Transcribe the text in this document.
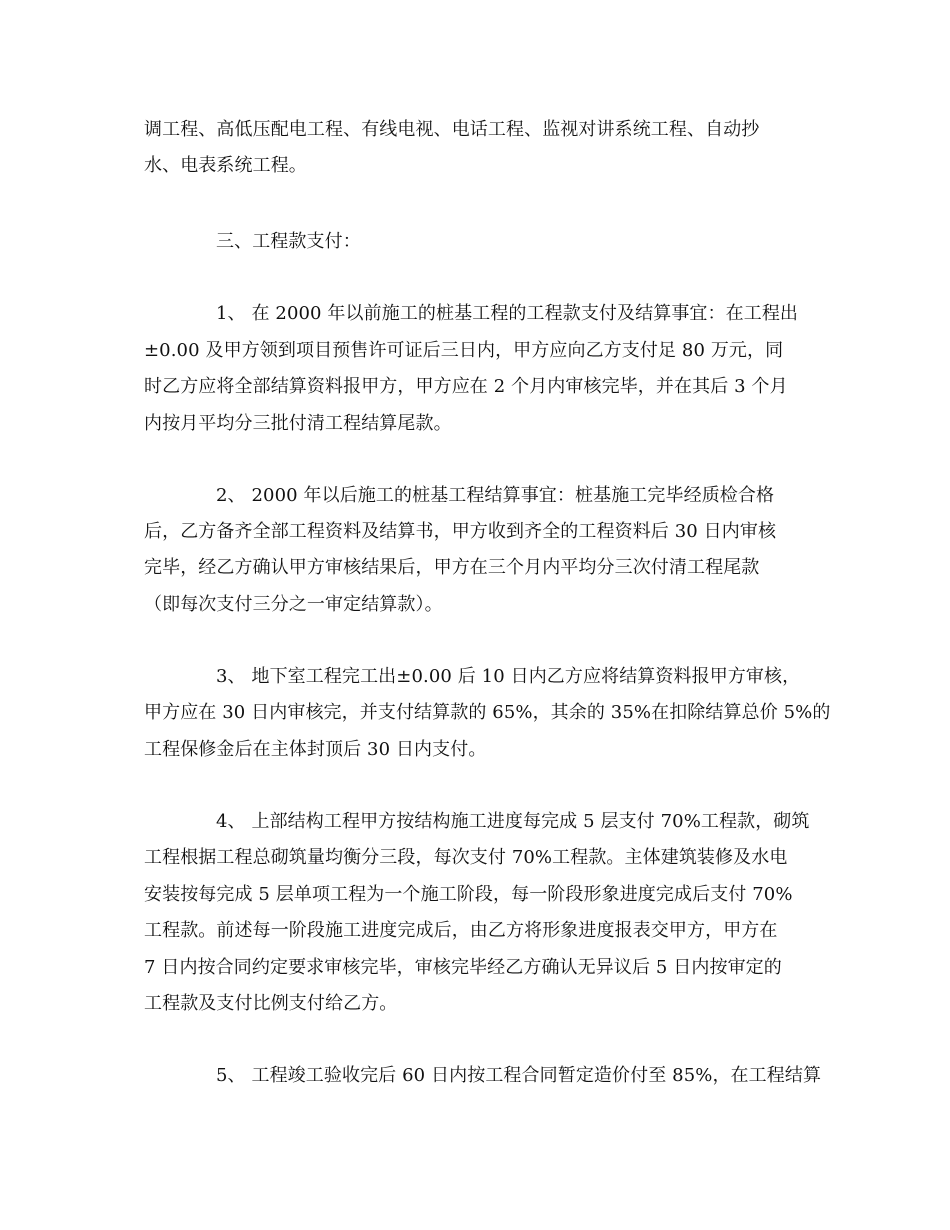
调工程、高低压配电工程、有线电视、电话工程、监视对讲系统工程、自动抄
水、电表系统工程。
三、工程款支付：
1、 在 2000 年以前施工的桩基工程的工程款支付及结算事宜：在工程出
±0.00 及甲方领到项目预售许可证后三日内，甲方应向乙方支付足 80 万元，同
时乙方应将全部结算资料报甲方，甲方应在 2 个月内审核完毕，并在其后 3 个月
内按月平均分三批付清工程结算尾款。
2、 2000 年以后施工的桩基工程结算事宜：桩基施工完毕经质检合格
后，乙方备齐全部工程资料及结算书，甲方收到齐全的工程资料后 30 日内审核
完毕，经乙方确认甲方审核结果后，甲方在三个月内平均分三次付清工程尾款
（即每次支付三分之一审定结算款）。
3、 地下室工程完工出±0.00 后 10 日内乙方应将结算资料报甲方审核，
甲方应在 30 日内审核完，并支付结算款的 65%，其余的 35%在扣除结算总价 5%的
工程保修金后在主体封顶后 30 日内支付。
4、 上部结构工程甲方按结构施工进度每完成 5 层支付 70%工程款，砌筑
工程根据工程总砌筑量均衡分三段，每次支付 70%工程款。主体建筑装修及水电
安装按每完成 5 层单项工程为一个施工阶段，每一阶段形象进度完成后支付 70%
工程款。前述每一阶段施工进度完成后，由乙方将形象进度报表交甲方，甲方在
7 日内按合同约定要求审核完毕，审核完毕经乙方确认无异议后 5 日内按审定的
工程款及支付比例支付给乙方。
5、 工程竣工验收完后 60 日内按工程合同暂定造价付至 85%，在工程结算
